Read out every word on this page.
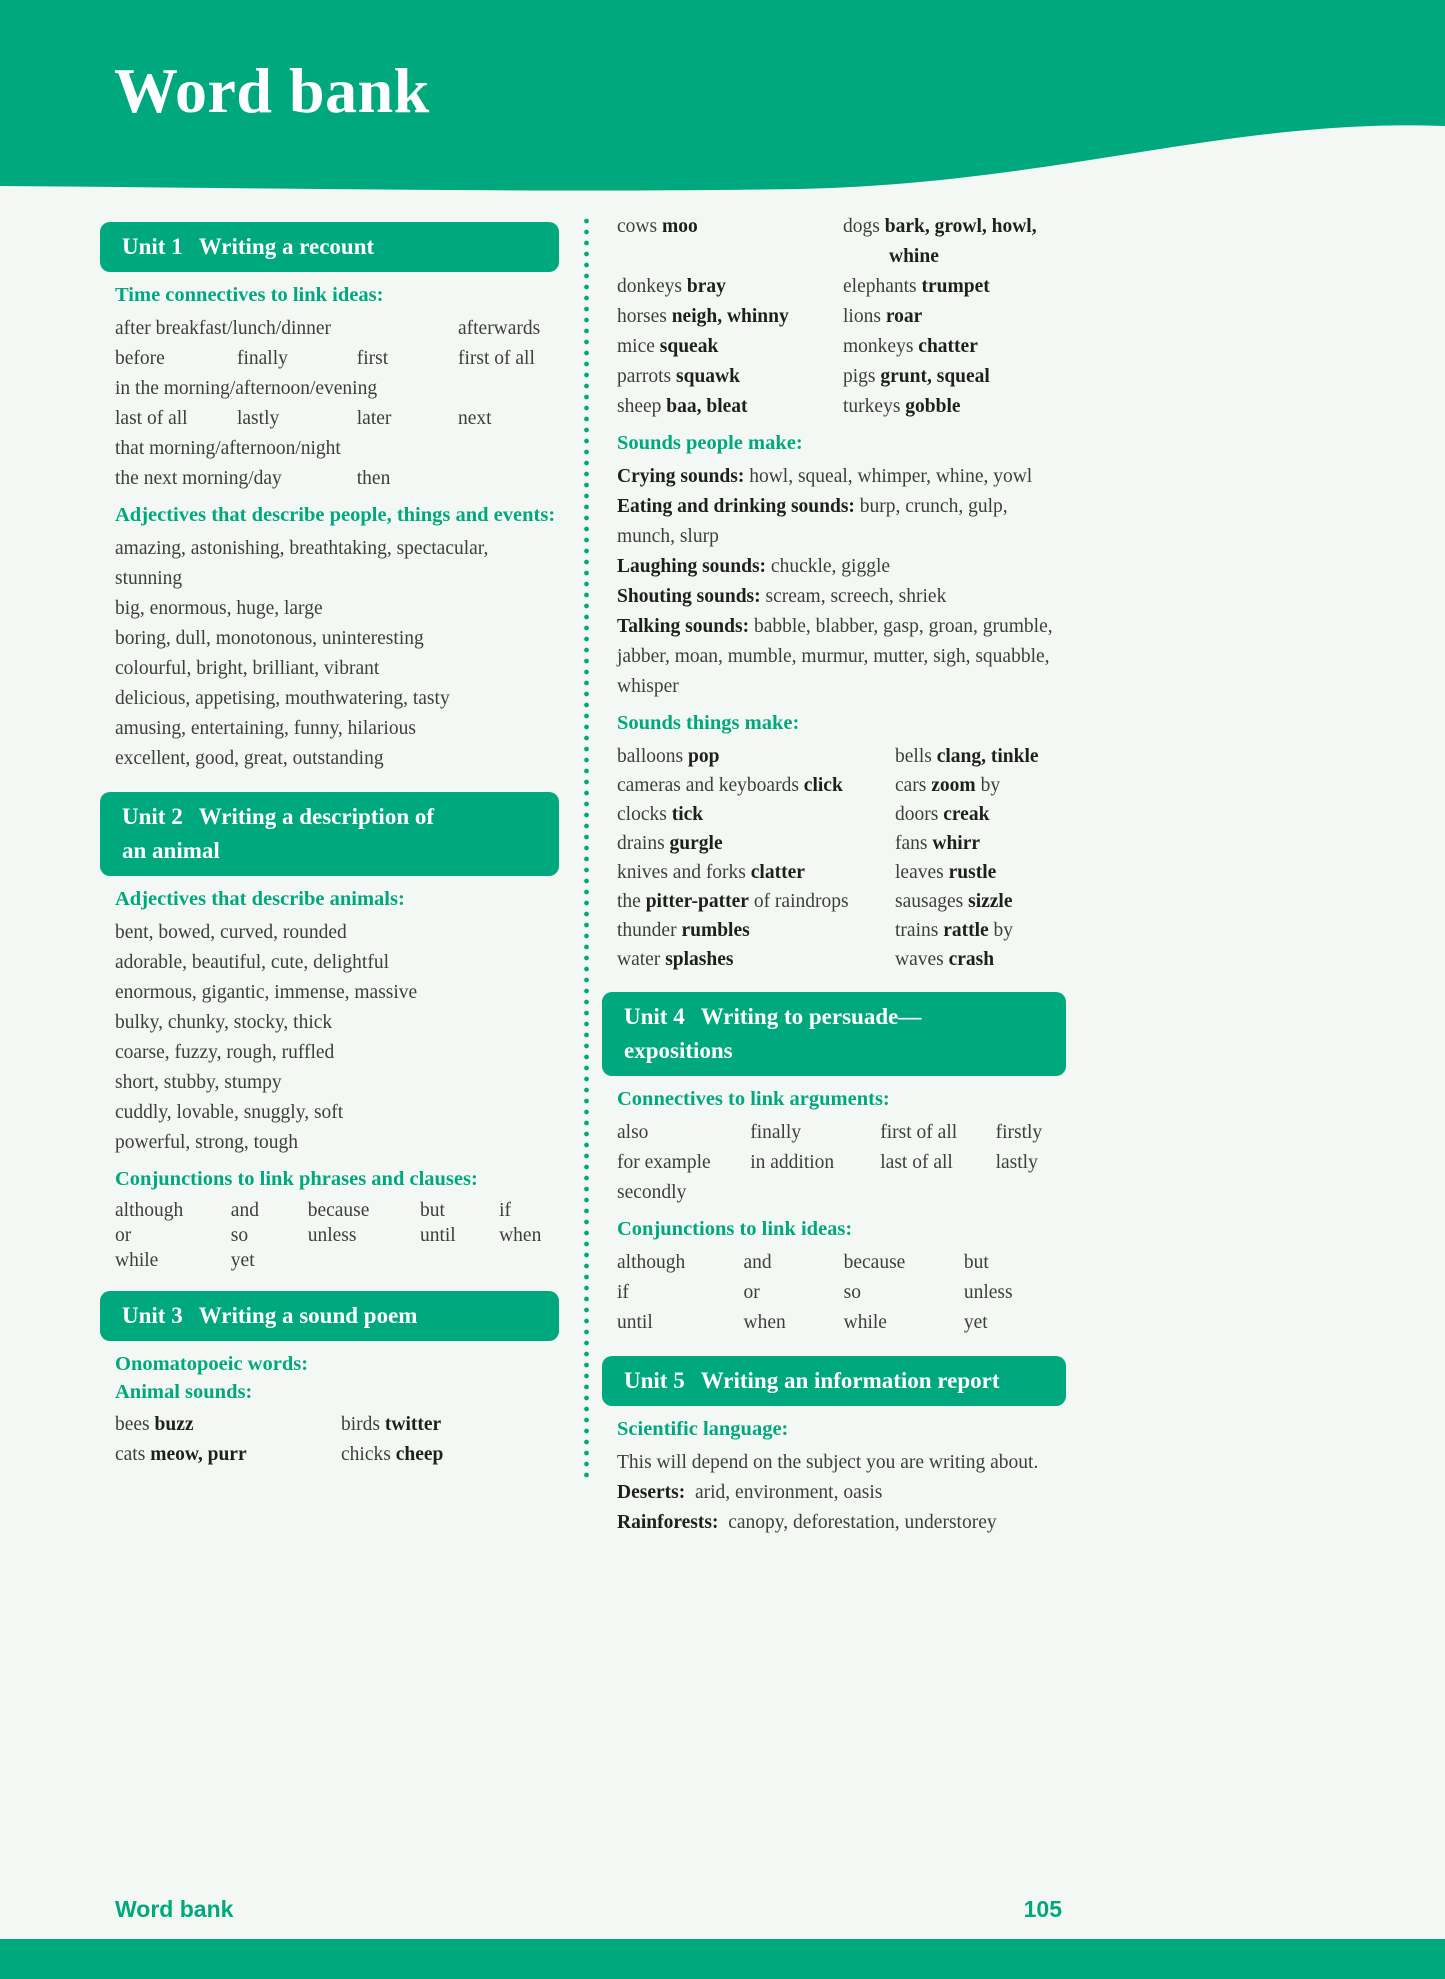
Word bank
Unit 1 Writing a recount
Time connectives to link ideas:
after breakfast/lunch/dinner	afterwards
before	finally	first	first of all
in the morning/afternoon/evening
last of all	lastly	later	next
that morning/afternoon/night
the next morning/day	then
Adjectives that describe people, things and events:

amazing, astonishing, breathtaking, spectacular, stunning

big, enormous, huge, large

boring, dull, monotonous, uninteresting

colourful, bright, brilliant, vibrant

delicious, appetising, mouthwatering, tasty

amusing, entertaining, funny, hilarious

excellent, good, great, outstanding

Unit 2 Writing a description of
an animal
Adjectives that describe animals:

bent, bowed, curved, rounded

adorable, beautiful, cute, delightful

enormous, gigantic, immense, massive

bulky, chunky, stocky, thick

coarse, fuzzy, rough, ruffled

short, stubby, stumpy

cuddly, lovable, snuggly, soft

powerful, strong, tough

Conjunctions to link phrases and clauses:
although	and	because	but	if
or	so	unless	until	when
while	yet
Unit 3 Writing a sound poem
Onomatopoeic words:
Animal sounds:
bees buzz	birds twitter
cats meow, purr	chicks cheep
cows moo	dogs bark, growl, howl, whine
donkeys bray	elephants trumpet
horses neigh, whinny	lions roar
mice squeak	monkeys chatter
parrots squawk	pigs grunt, squeal
sheep baa, bleat	turkeys gobble
Sounds people make:

Crying sounds: howl, squeal, whimper, whine, yowl

Eating and drinking sounds: burp, crunch, gulp, munch, slurp

Laughing sounds: chuckle, giggle

Shouting sounds: scream, screech, shriek

Talking sounds: babble, blabber, gasp, groan, grumble, jabber, moan, mumble, murmur, mutter, sigh, squabble, whisper

Sounds things make:
balloons pop	bells clang, tinkle
cameras and keyboards click	cars zoom by
clocks tick	doors creak
drains gurgle	fans whirr
knives and forks clatter	leaves rustle
the pitter-patter of raindrops	sausages sizzle
thunder rumbles	trains rattle by
water splashes	waves crash
Unit 4 Writing to persuade—
expositions
Connectives to link arguments:
also	finally	first of all	firstly
for example	in addition	last of all	lastly
secondly
Conjunctions to link ideas:
although	and	because	but
if	or	so	unless
until	when	while	yet
Unit 5 Writing an information report
Scientific language:

This will depend on the subject you are writing about.

Deserts:  arid, environment, oasis

Rainforests:  canopy, deforestation, understorey

Word bank	105
